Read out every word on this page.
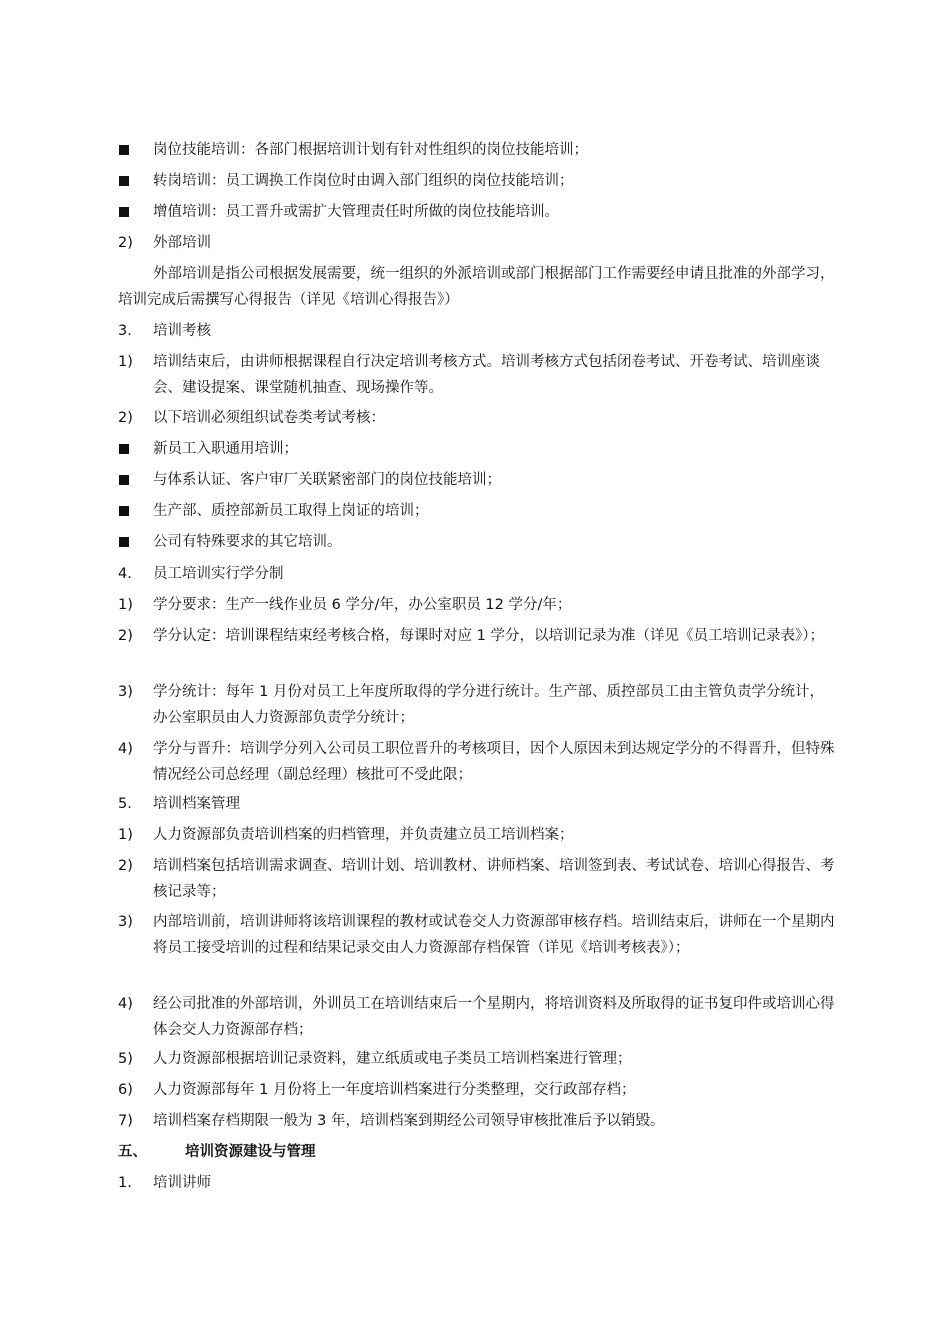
岗位技能培训：各部门根据培训计划有针对性组织的岗位技能培训；
转岗培训：员工调换工作岗位时由调入部门组织的岗位技能培训；
增值培训：员工晋升或需扩大管理责任时所做的岗位技能培训。
2) 外部培训
外部培训是指公司根据发展需要，统一组织的外派培训或部门根据部门工作需要经申请且批准的外部学习，培训完成后需撰写心得报告（详见《培训心得报告》）
3. 培训考核
1) 培训结束后，由讲师根据课程自行决定培训考核方式。培训考核方式包括闭卷考试、开卷考试、培训座谈会、建设提案、课堂随机抽查、现场操作等。
2) 以下培训必须组织试卷类考试考核：
新员工入职通用培训；
与体系认证、客户审厂关联紧密部门的岗位技能培训；
生产部、质控部新员工取得上岗证的培训；
公司有特殊要求的其它培训。
4. 员工培训实行学分制
1) 学分要求：生产一线作业员 6 学分/年，办公室职员 12 学分/年；
2) 学分认定：培训课程结束经考核合格，每课时对应 1 学分，以培训记录为准（详见《员工培训记录表》）；
3) 学分统计：每年 1 月份对员工上年度所取得的学分进行统计。生产部、质控部员工由主管负责学分统计，办公室职员由人力资源部负责学分统计；
4) 学分与晋升：培训学分列入公司员工职位晋升的考核项目，因个人原因未到达规定学分的不得晋升，但特殊情况经公司总经理（副总经理）核批可不受此限；
5. 培训档案管理
1) 人力资源部负责培训档案的归档管理，并负责建立员工培训档案；
2) 培训档案包括培训需求调查、培训计划、培训教材、讲师档案、培训签到表、考试试卷、培训心得报告、考核记录等；
3) 内部培训前，培训讲师将该培训课程的教材或试卷交人力资源部审核存档。培训结束后，讲师在一个星期内将员工接受培训的过程和结果记录交由人力资源部存档保管（详见《培训考核表》）；
4) 经公司批准的外部培训，外训员工在培训结束后一个星期内，将培训资料及所取得的证书复印件或培训心得体会交人力资源部存档；
5) 人力资源部根据培训记录资料，建立纸质或电子类员工培训档案进行管理；
6) 人力资源部每年 1 月份将上一年度培训档案进行分类整理，交行政部存档；
7) 培训档案存档期限一般为 3 年，培训档案到期经公司领导审核批准后予以销毁。
五、	培训资源建设与管理
1. 培训讲师
